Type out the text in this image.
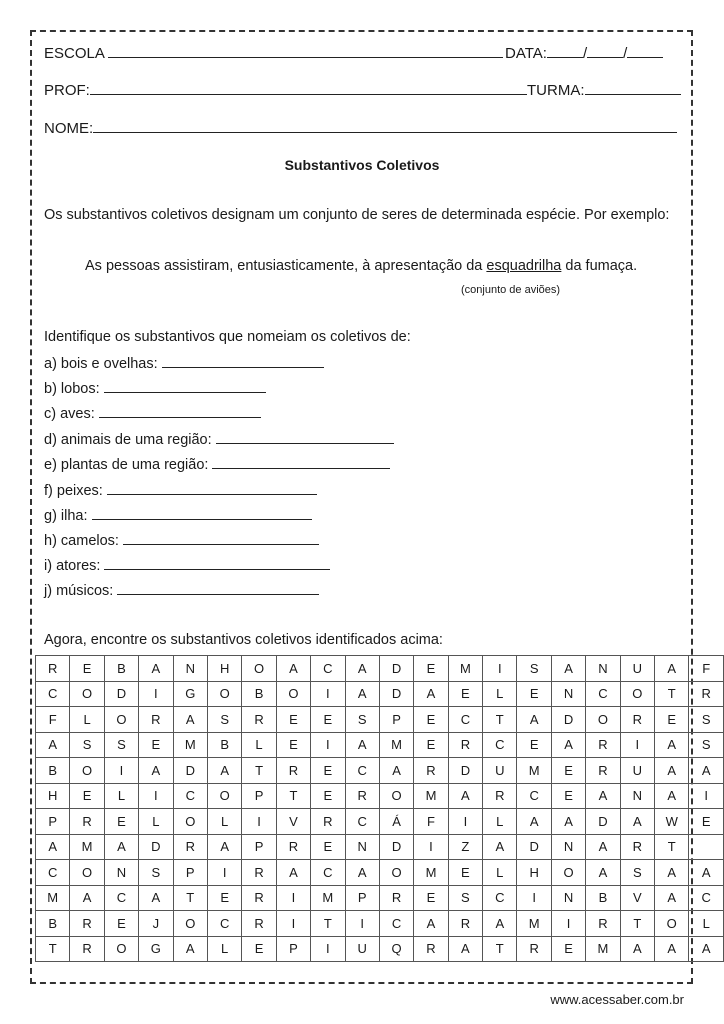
ESCOLA	DATA: / /
PROF:	TURMA:
NOME:
Substantivos Coletivos
Os substantivos coletivos designam um conjunto de seres de determinada espécie. Por exemplo:
As pessoas assistiram, entusiasticamente, à apresentação da esquadrilha da fumaça.
(conjunto de aviões)
Identifique os substantivos que nomeiam os coletivos de:
a) bois e ovelhas:
b) lobos:
c) aves:
d) animais de uma região:
e) plantas de uma região:
f) peixes:
g) ilha:
h) camelos:
i) atores:
j) músicos:
Agora, encontre os substantivos coletivos identificados acima:
R	E	B	A	N	H	O	A	C	A	D	E	M	I	S	A	N	U	A	F
C	O	D	I	G	O	B	O	I	A	D	A	E	L	E	N	C	O	T	R
F	L	O	R	A	S	R	E	E	S	P	E	C	T	A	D	O	R	E	S
A	S	S	E	M	B	L	E	I	A	M	E	R	C	E	A	R	I	A	S
B	O	I	A	D	A	T	R	E	C	A	R	D	U	M	E	R	U	A	A
H	E	L	I	C	O	P	T	E	R	O	M	A	R	C	E	A	N	A	I
P	R	E	L	O	L	I	V	R	C	Á	F	I	L	A	A	D	A	W	E
A	M	A	D	R	A	P	R	E	N	D	I	Z	A	D	N	A	R	T	
C	O	N	S	P	I	R	A	C	A	O	M	E	L	H	O	A	S	A	A
M	A	C	A	T	E	R	I	M	P	R	E	S	C	I	N	B	V	A	C
B	R	E	J	O	C	R	I	T	I	C	A	R	A	M	I	R	T	O	L
T	R	O	G	A	L	E	P	I	U	Q	R	A	T	R	E	M	A	A	A
www.acessaber.com.br
